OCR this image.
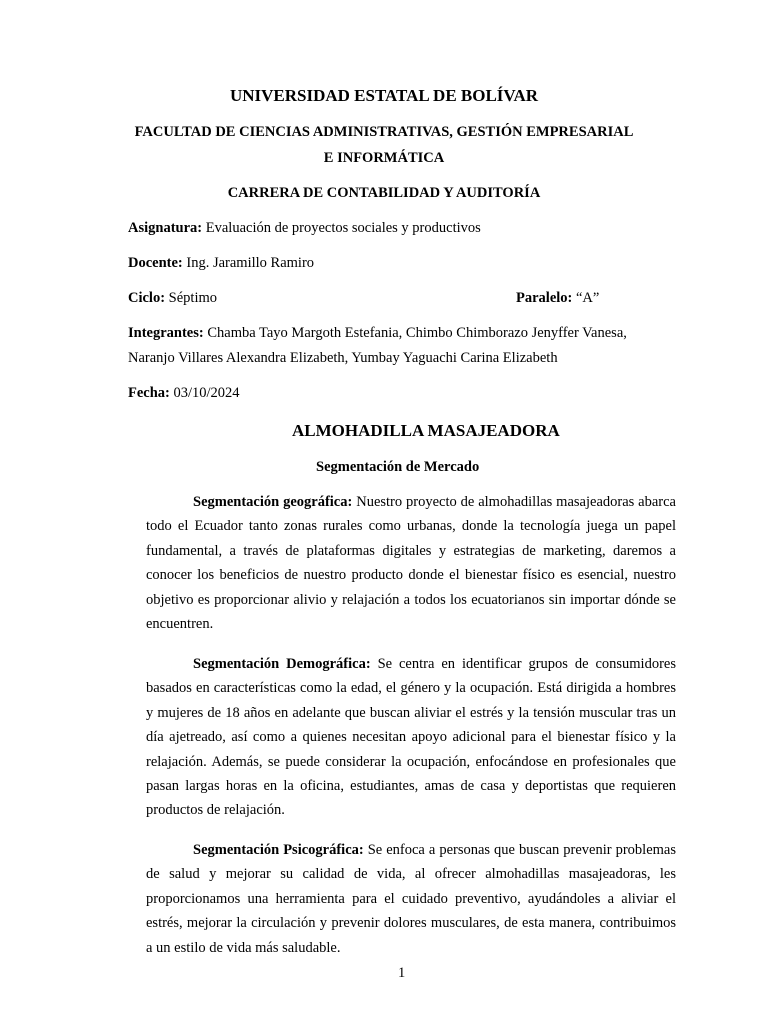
UNIVERSIDAD ESTATAL DE BOLÍVAR
FACULTAD DE CIENCIAS ADMINISTRATIVAS, GESTIÓN EMPRESARIAL
E INFORMÁTICA
CARRERA DE CONTABILIDAD Y AUDITORÍA
Asignatura: Evaluación de proyectos sociales y productivos
Docente: Ing. Jaramillo Ramiro
Ciclo: Séptimo	Paralelo: “A”
Integrantes: Chamba Tayo Margoth Estefania, Chimbo Chimborazo Jenyffer Vanesa,
Naranjo Villares Alexandra Elizabeth, Yumbay Yaguachi Carina Elizabeth
Fecha: 03/10/2024
ALMOHADILLA MASAJEADORA
Segmentación de Mercado
Segmentación geográfica: Nuestro proyecto de almohadillas masajeadoras abarca todo el Ecuador tanto zonas rurales como urbanas, donde la tecnología juega un papel fundamental, a través de plataformas digitales y estrategias de marketing, daremos a conocer los beneficios de nuestro producto donde el bienestar físico es esencial, nuestro objetivo es proporcionar alivio y relajación a todos los ecuatorianos sin importar dónde se encuentren.
Segmentación Demográfica: Se centra en identificar grupos de consumidores basados en características como la edad, el género y la ocupación. Está dirigida a hombres y mujeres de 18 años en adelante que buscan aliviar el estrés y la tensión muscular tras un día ajetreado, así como a quienes necesitan apoyo adicional para el bienestar físico y la relajación. Además, se puede considerar la ocupación, enfocándose en profesionales que pasan largas horas en la oficina, estudiantes, amas de casa y deportistas que requieren productos de relajación.
Segmentación Psicográfica: Se enfoca a personas que buscan prevenir problemas de salud y mejorar su calidad de vida, al ofrecer almohadillas masajeadoras, les proporcionamos una herramienta para el cuidado preventivo, ayudándoles a aliviar el estrés, mejorar la circulación y prevenir dolores musculares, de esta manera, contribuimos a un estilo de vida más saludable.
1
